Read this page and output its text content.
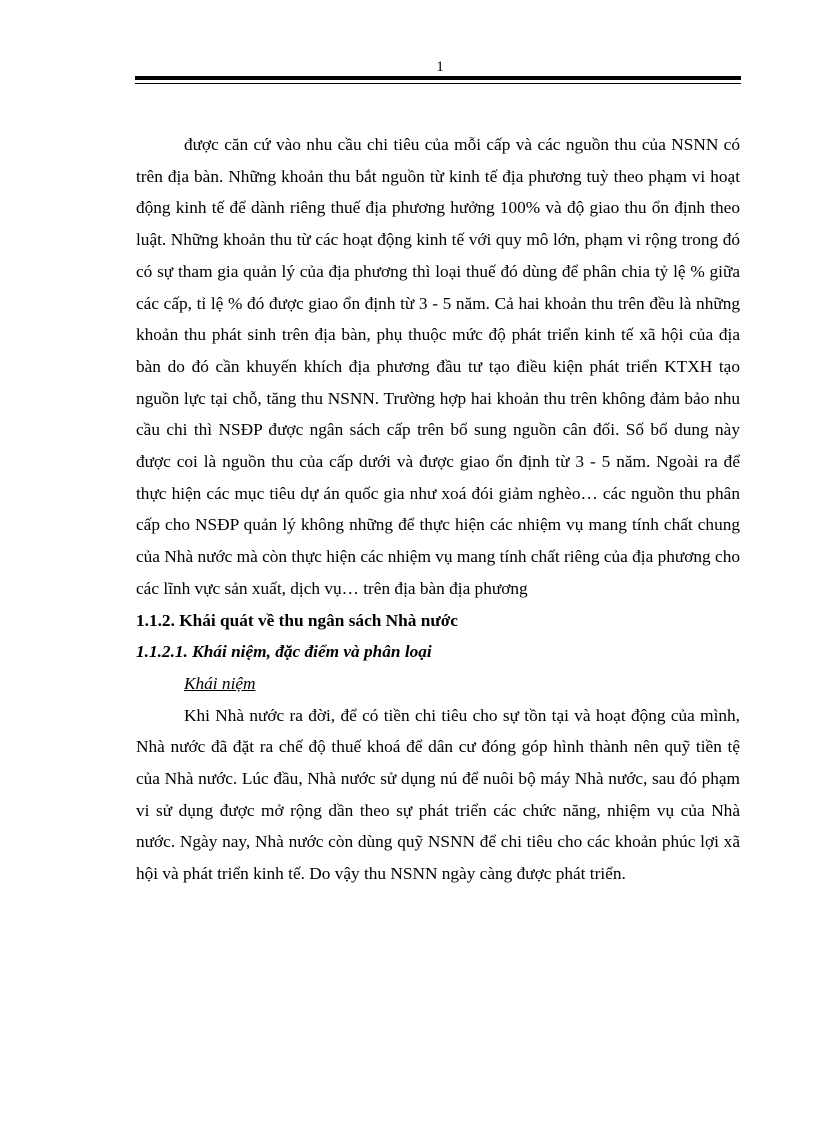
1

được căn cứ vào nhu cầu chi tiêu của mỗi cấp và các nguồn thu của NSNN có trên địa bàn. Những khoản thu bắt nguồn từ kinh tế địa phương tuỳ theo phạm vi hoạt động kinh tế để dành riêng thuế địa phương hưởng 100% và độ giao thu ổn định theo luật. Những khoản thu từ các hoạt động kinh tế với quy mô lớn, phạm vi rộng trong đó có sự tham gia quản lý của địa phương thì loại thuế đó dùng để phân chia tỷ lệ % giữa các cấp, tỉ lệ % đó được giao ổn định từ 3 - 5 năm. Cả hai khoản thu trên đều là những khoản thu phát sinh trên địa bàn, phụ thuộc mức độ phát triển kinh tế xã hội của địa bàn do đó cần khuyến khích địa phương đầu tư tạo điều kiện phát triển KTXH tạo nguồn lực tại chỗ, tăng thu NSNN. Trường hợp hai khoản thu trên không đảm bảo nhu cầu chi thì NSĐP được ngân sách cấp trên bổ sung nguồn cân đối. Số bổ dung này được coi là nguồn thu của cấp dưới và được giao ổn định từ 3 - 5 năm. Ngoài ra để thực hiện các mục tiêu dự án quốc gia như xoá đói giảm nghèo… các nguồn thu phân cấp cho NSĐP quản lý không những để thực hiện các nhiệm vụ mang tính chất chung của Nhà nước mà còn thực hiện các nhiệm vụ mang tính chất riêng của địa phương cho các lĩnh vực sản xuất, dịch vụ… trên địa bàn địa phương

1.1.2. Khái quát về thu ngân sách Nhà nước

1.1.2.1. Khái niệm, đặc điểm và phân loại

Khái niệm

Khi Nhà nước ra đời, để có tiền chi tiêu cho sự tồn tại và hoạt động của mình, Nhà nước đã đặt ra chế độ thuế khoá để dân cư đóng góp hình thành nên quỹ tiền tệ của Nhà nước. Lúc đầu, Nhà nước sử dụng nú để nuôi bộ máy Nhà nước, sau đó phạm vi sử dụng được mở rộng dần theo sự phát triển các chức năng, nhiệm vụ của Nhà nước. Ngày nay, Nhà nước còn dùng quỹ NSNN để chi tiêu cho các khoản phúc lợi xã hội và phát triển kinh tế. Do vậy thu NSNN ngày càng được phát triển.
